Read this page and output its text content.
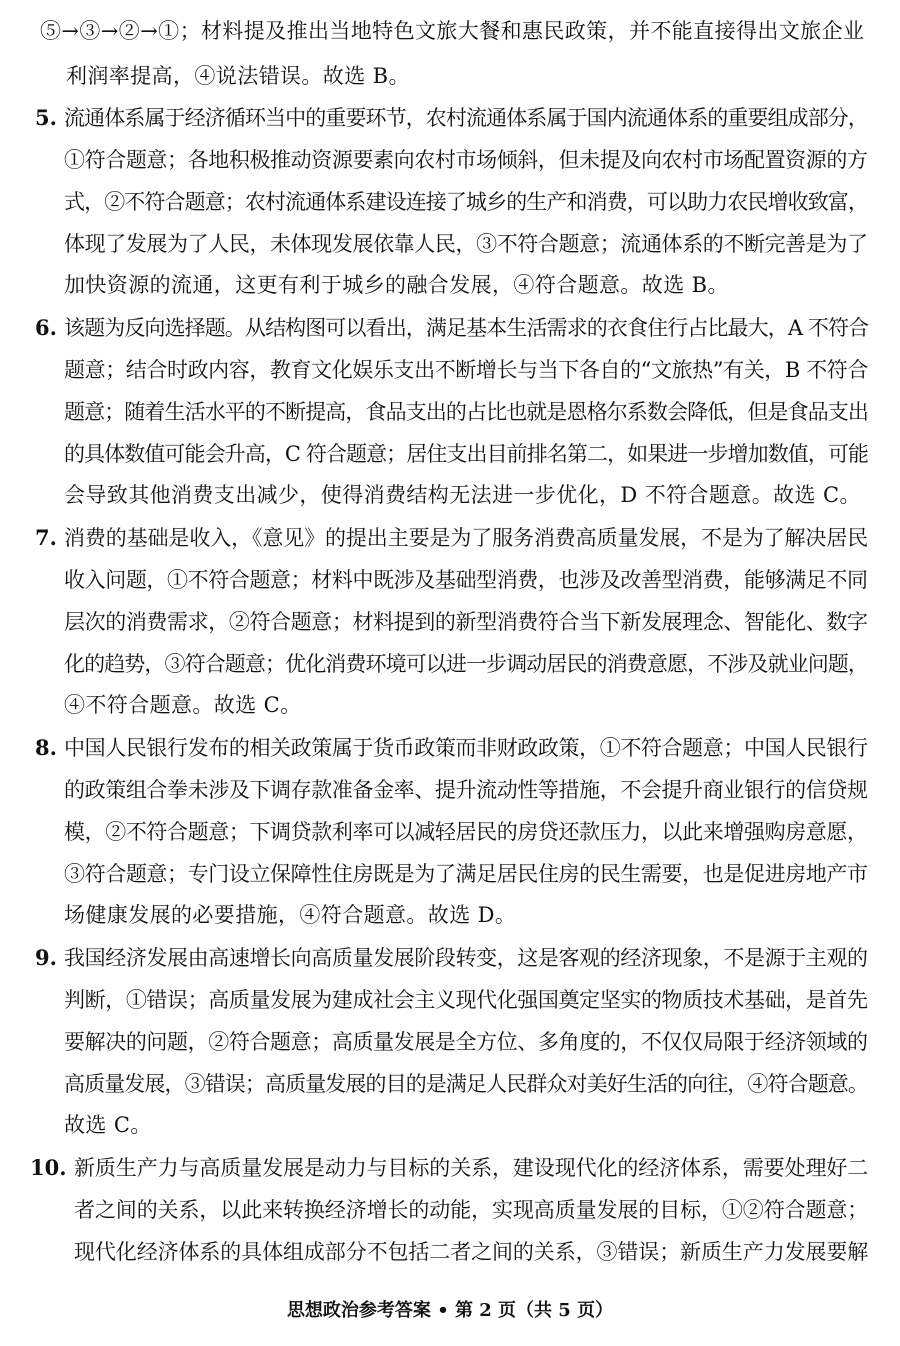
⑤→③→②→①；材料提及推出当地特色文旅大餐和惠民政策，并不能直接得出文旅企业
利润率提高，④说法错误。故选 B。
5. 流通体系属于经济循环当中的重要环节，农村流通体系属于国内流通体系的重要组成部分，
①符合题意；各地积极推动资源要素向农村市场倾斜，但未提及向农村市场配置资源的方
式，②不符合题意；农村流通体系建设连接了城乡的生产和消费，可以助力农民增收致富，
体现了发展为了人民，未体现发展依靠人民，③不符合题意；流通体系的不断完善是为了
加快资源的流通，这更有利于城乡的融合发展，④符合题意。故选 B。
6. 该题为反向选择题。从结构图可以看出，满足基本生活需求的衣食住行占比最大，A 不符合
题意；结合时政内容，教育文化娱乐支出不断增长与当下各自的“文旅热”有关，B 不符合
题意；随着生活水平的不断提高，食品支出的占比也就是恩格尔系数会降低，但是食品支出
的具体数值可能会升高，C 符合题意；居住支出目前排名第二，如果进一步增加数值，可能
会导致其他消费支出减少，使得消费结构无法进一步优化，D 不符合题意。故选 C。
7. 消费的基础是收入，《意见》的提出主要是为了服务消费高质量发展，不是为了解决居民
收入问题，①不符合题意；材料中既涉及基础型消费，也涉及改善型消费，能够满足不同
层次的消费需求，②符合题意；材料提到的新型消费符合当下新发展理念、智能化、数字
化的趋势，③符合题意；优化消费环境可以进一步调动居民的消费意愿，不涉及就业问题，
④不符合题意。故选 C。
8. 中国人民银行发布的相关政策属于货币政策而非财政政策，①不符合题意；中国人民银行
的政策组合拳未涉及下调存款准备金率、提升流动性等措施，不会提升商业银行的信贷规
模，②不符合题意；下调贷款利率可以减轻居民的房贷还款压力，以此来增强购房意愿，
③符合题意；专门设立保障性住房既是为了满足居民住房的民生需要，也是促进房地产市
场健康发展的必要措施，④符合题意。故选 D。
9. 我国经济发展由高速增长向高质量发展阶段转变，这是客观的经济现象，不是源于主观的
判断，①错误；高质量发展为建成社会主义现代化强国奠定坚实的物质技术基础，是首先
要解决的问题，②符合题意；高质量发展是全方位、多角度的，不仅仅局限于经济领域的
高质量发展，③错误；高质量发展的目的是满足人民群众对美好生活的向往，④符合题意。
故选 C。
10. 新质生产力与高质量发展是动力与目标的关系，建设现代化的经济体系，需要处理好二
者之间的关系，以此来转换经济增长的动能，实现高质量发展的目标，①②符合题意；
现代化经济体系的具体组成部分不包括二者之间的关系，③错误；新质生产力发展要解
思想政治参考答案 • 第 2 页（共 5 页）
